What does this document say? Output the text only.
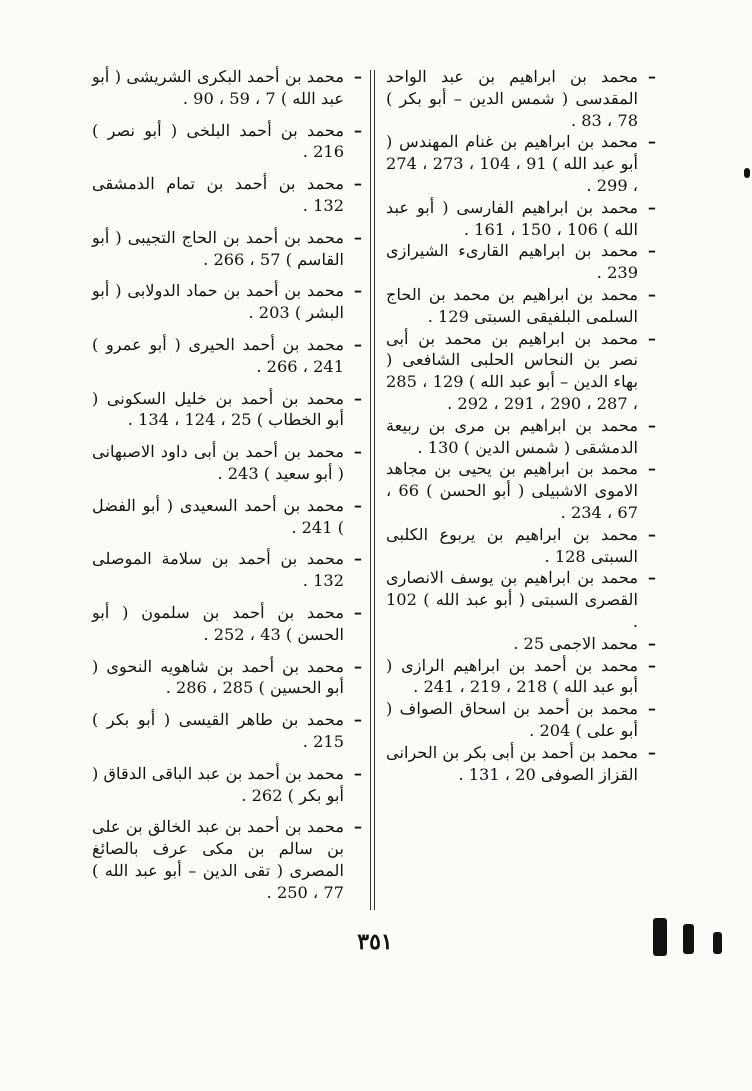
–
محمد بن ابراهيم بن عبد الواحد المقدسى ( شمس الدين – أبو بكر ) 78 ، 83 .
–
محمد بن ابراهيم بن غنام المهندس ( أبو عبد الله ) 91 ، 104 ، 273 ، 274 ، 299 .
–
محمد بن ابراهيم الفارسى ( أبو عبد الله ) 106 ، 150 ، 161 .
–
محمد بن ابراهيم القارىء الشيرازى 239 .
–
محمد بن ابراهيم بن محمد بن الحاج السلمى البلفيقى السبتى 129 .
–
محمد بن ابراهيم بن محمد بن أبى نصر بن النحاس الحلبى الشافعى ( بهاء الدين – أبو عبد الله ) 129 ، 285 ، 287 ، 290 ، 291 ، 292 .
–
محمد بن ابراهيم بن مرى بن ربيعة الدمشقى ( شمس الدين ) 130 .
–
محمد بن ابراهيم بن يحيى بن مجاهد الاموى الاشبيلى ( أبو الحسن ) 66 ، 67 ، 234 .
–
محمد بن ابراهيم بن يربوع الكلبى السبتى 128 .
–
محمد بن ابراهيم بن يوسف الانصارى القصرى السبتى ( أبو عبد الله ) 102 .
–
محمد الاجمى 25 .
–
محمد بن أحمد بن ابراهيم الرازى ( أبو عبد الله ) 218 ، 219 ، 241 .
–
محمد بن أحمد بن اسحاق الصواف ( أبو على ) 204 .
–
محمد بن أحمد بن أبى بكر بن الحرانى القزاز الصوفى 20 ، 131 .
–
محمد بن أحمد البكرى الشريشى ( أبو عبد الله ) 7 ، 59 ، 90 .
–
محمد بن أحمد البلخى ( أبو نصر ) 216 .
–
محمد بن أحمد بن تمام الدمشقى 132 .
–
محمد بن أحمد بن الحاج التجيبى ( أبو القاسم ) 57 ، 266 .
–
محمد بن أحمد بن حماد الدولابى ( أبو البشر ) 203 .
–
محمد بن أحمد الحيرى ( أبو عمرو ) 241 ، 266 .
–
محمد بن أحمد بن خليل السكونى ( أبو الخطاب ) 25 ، 124 ، 134 .
–
محمد بن أحمد بن أبى داود الاصبهانى ( أبو سعيد ) 243 .
–
محمد بن أحمد السعيدى ( أبو الفضل ) 241 .
–
محمد بن أحمد بن سلامة الموصلى 132 .
–
محمد بن أحمد بن سلمون ( أبو الحسن ) 43 ، 252 .
–
محمد بن أحمد بن شاهويه النحوى ( أبو الحسين ) 285 ، 286 .
–
محمد بن طاهر القيسى ( أبو بكر ) 215 .
–
محمد بن أحمد بن عبد الباقى الدقاق ( أبو بكر ) 262 .
–
محمد بن أحمد بن عبد الخالق بن على بن سالم بن مكى عرف بالصائغ المصرى ( تقى الدين – أبو عبد الله ) 77 ، 250 .
٣٥١
